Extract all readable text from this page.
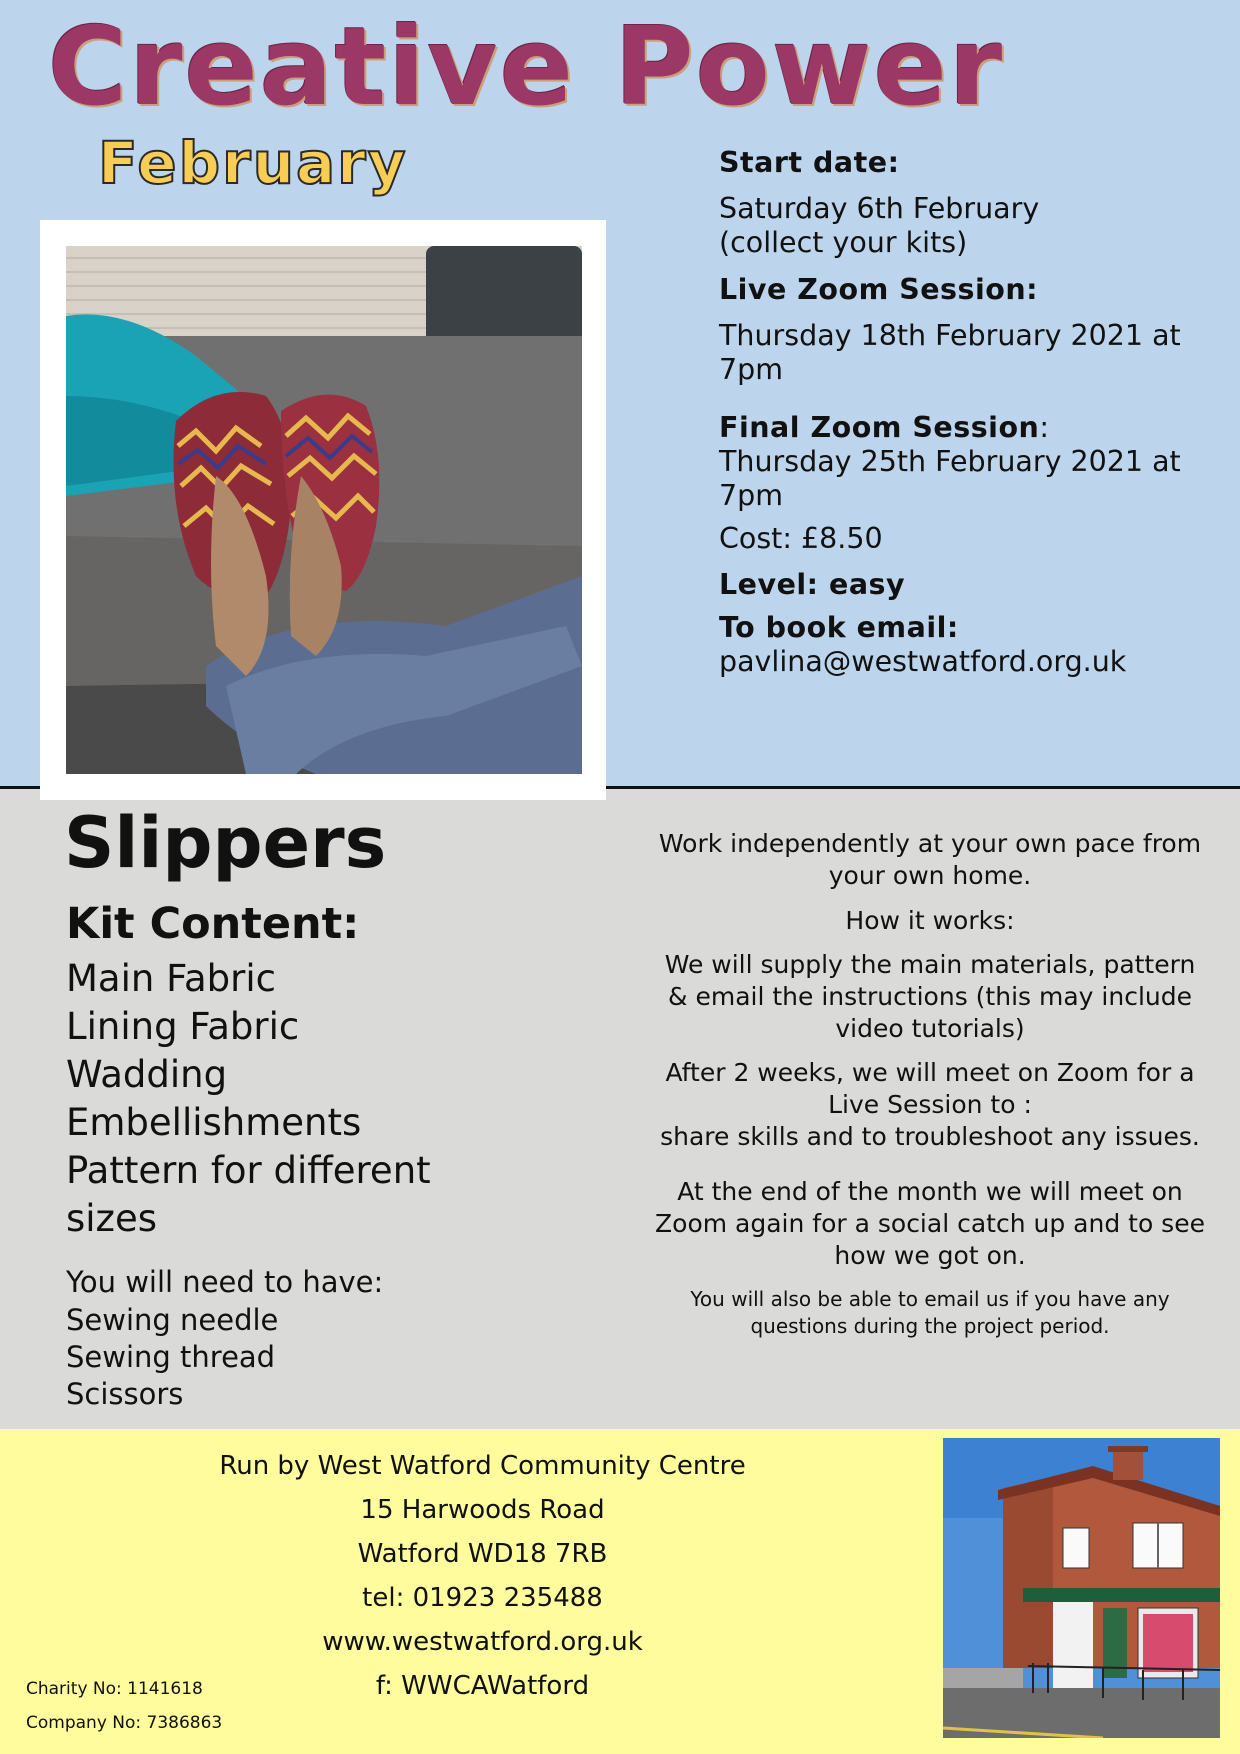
Creative Power
February	Start date:
Saturday 6th February
(collect your kits)
Live Zoom Session:
Thursday 18th February 2021 at
7pm
Final Zoom Session:
Thursday 25th February 2021 at
7pm
Cost: £8.50
Level: easy
To book email:
pavlina@westwatford.org.uk
Slippers
Kit Content:
Main Fabric
Lining Fabric
Wadding
Embellishments
Pattern for different
sizes
You will need to have:
Sewing needle
Sewing thread
Scissors
Work independently at your own pace from
your own home.
How it works:
We will supply the main materials, pattern
& email the instructions (this may include
video tutorials)
After 2 weeks, we will meet on Zoom for a
Live Session to :
share skills and to troubleshoot any issues.
At the end of the month we will meet on
Zoom again for a social catch up and to see
how we got on.
You will also be able to email us if you have any
questions during the project period.
Run by West Watford Community Centre
15 Harwoods Road
Watford WD18 7RB
tel: 01923 235488
www.westwatford.org.uk
f: WWCAWatford
Charity No: 1141618
Company No: 7386863
